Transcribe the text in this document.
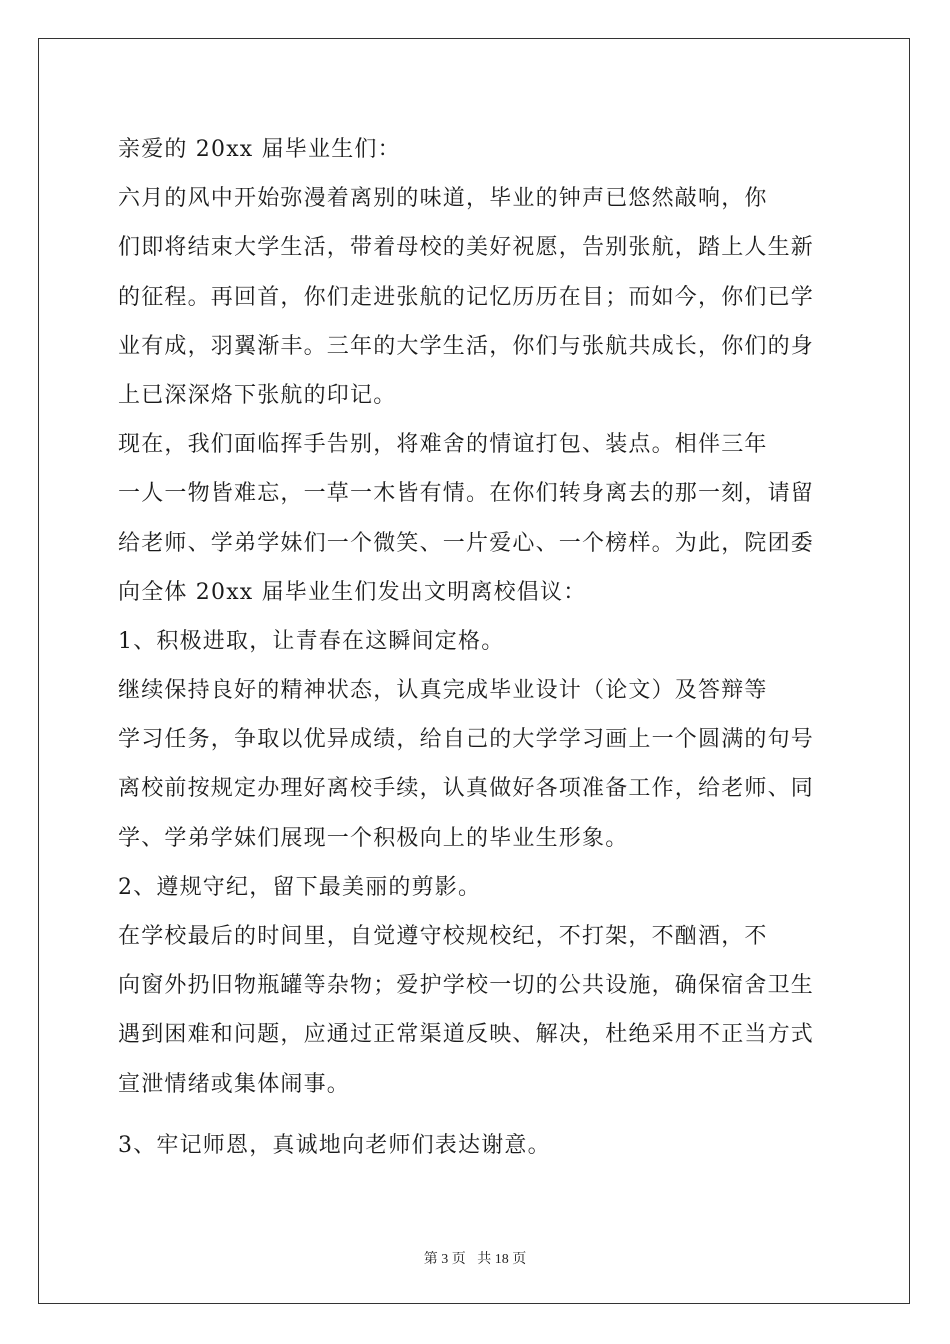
亲爱的 20xx 届毕业生们：
六月的风中开始弥漫着离别的味道，毕业的钟声已悠然敲响，你
们即将结束大学生活，带着母校的美好祝愿，告别张航，踏上人生新
的征程。再回首，你们走进张航的记忆历历在目；而如今，你们已学
业有成，羽翼渐丰。三年的大学生活，你们与张航共成长，你们的身
上已深深烙下张航的印记。
现在，我们面临挥手告别，将难舍的情谊打包、装点。相伴三年
一人一物皆难忘，一草一木皆有情。在你们转身离去的那一刻，请留
给老师、学弟学妹们一个微笑、一片爱心、一个榜样。为此，院团委
向全体 20xx 届毕业生们发出文明离校倡议：
1、积极进取，让青春在这瞬间定格。
继续保持良好的精神状态，认真完成毕业设计（论文）及答辩等
学习任务，争取以优异成绩，给自己的大学学习画上一个圆满的句号
离校前按规定办理好离校手续，认真做好各项准备工作，给老师、同
学、学弟学妹们展现一个积极向上的毕业生形象。
2、遵规守纪，留下最美丽的剪影。
在学校最后的时间里，自觉遵守校规校纪，不打架，不酗酒，不
向窗外扔旧物瓶罐等杂物；爱护学校一切的公共设施，确保宿舍卫生
遇到困难和问题，应通过正常渠道反映、解决，杜绝采用不正当方式
宣泄情绪或集体闹事。
3、牢记师恩，真诚地向老师们表达谢意。
第 3 页 共 18 页
